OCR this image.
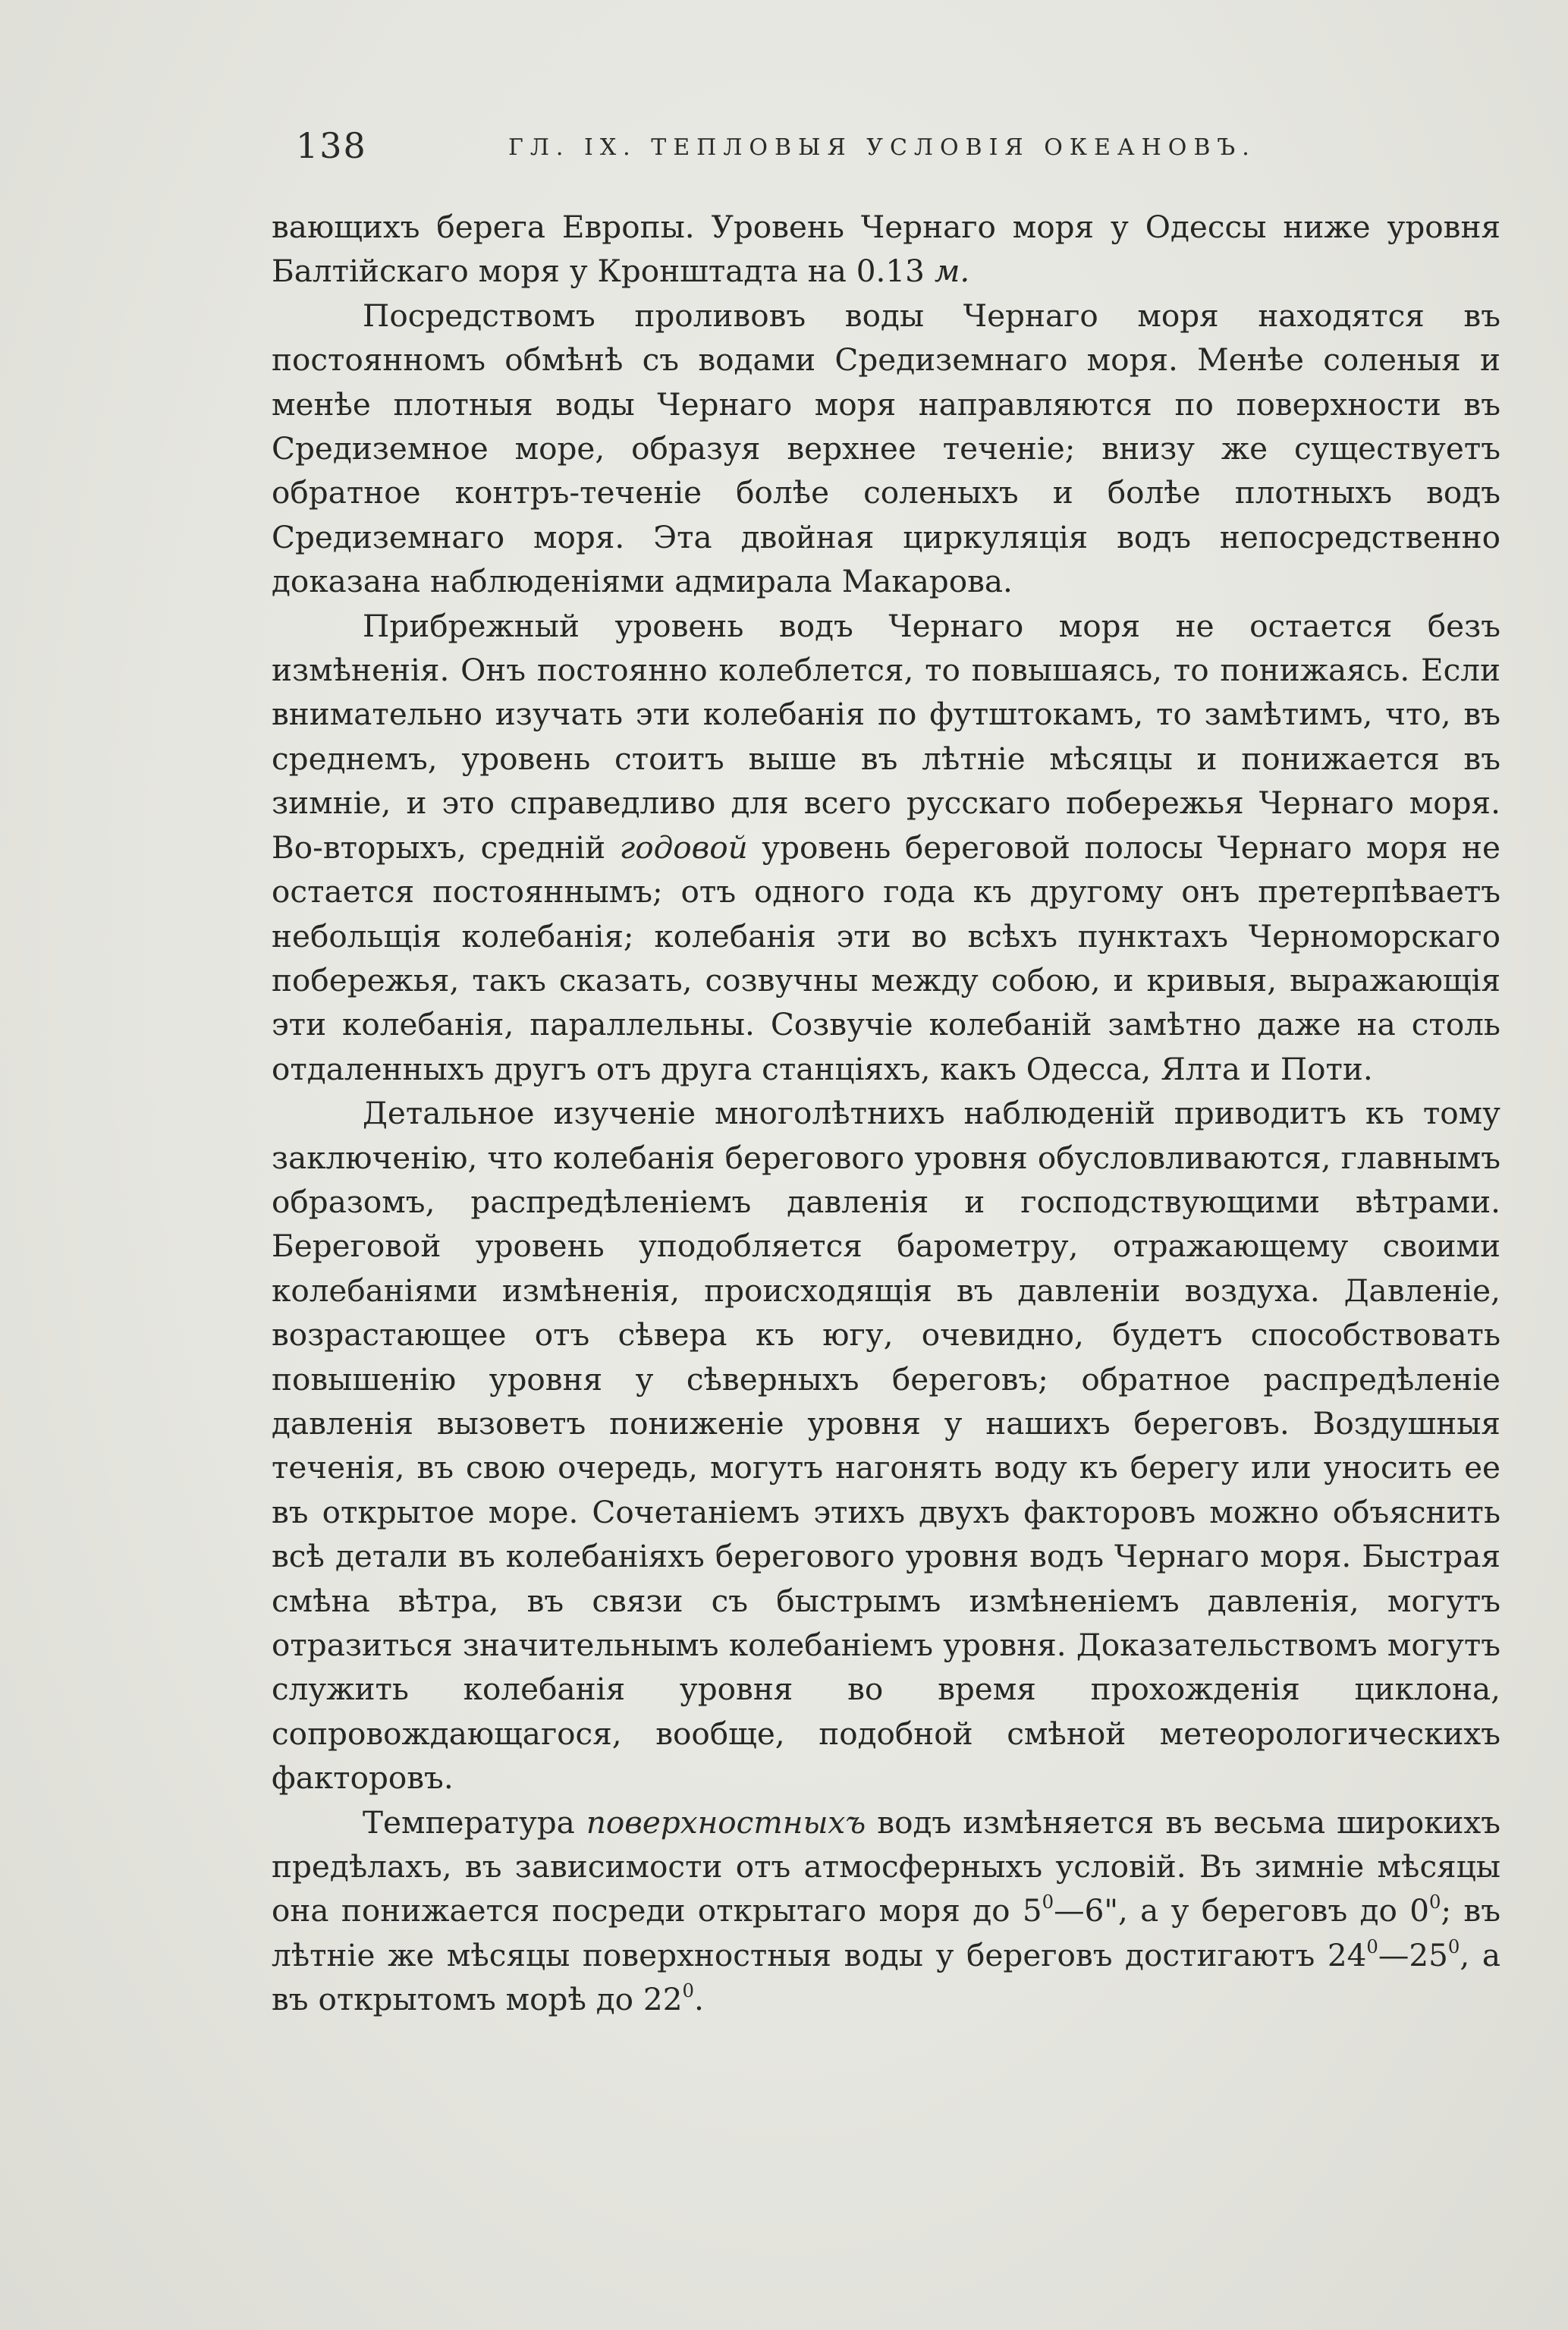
138	ГЛ. IX. ТЕПЛОВЫЯ УСЛОВІЯ ОКЕАНОВЪ.

вающихъ берега Европы. Уровень Чернаго моря у Одессы ниже уровня Балтійскаго моря у Кронштадта на 0.13 м.

Посредствомъ проливовъ воды Чернаго моря находятся въ постоянномъ обмѣнѣ съ водами Средиземнаго моря. Менѣе соленыя и менѣе плотныя воды Чернаго моря направляются по поверхности въ Средиземное море, образуя верхнее теченіе; внизу же существуетъ обратное контръ-теченіе болѣе соленыхъ и болѣе плотныхъ водъ Средиземнаго моря. Эта двойная циркуляція водъ непосредственно доказана наблюденіями адмирала Макарова.

Прибрежный уровень водъ Чернаго моря не остается безъ измѣненія. Онъ постоянно колеблется, то повышаясь, то понижаясь. Если внимательно изучать эти колебанія по футштокамъ, то замѣтимъ, что, въ среднемъ, уровень стоитъ выше въ лѣтніе мѣсяцы и понижается въ зимніе, и это справедливо для всего русскаго побережья Чернаго моря. Во-вторыхъ, средній годовой уровень береговой полосы Чернаго моря не остается постояннымъ; отъ одного года къ другому онъ претерпѣваетъ небольщія колебанія; колебанія эти во всѣхъ пунктахъ Черноморскаго побережья, такъ сказать, созвучны между собою, и кривыя, выражающія эти колебанія, параллельны. Созвучіе колебаній замѣтно даже на столь отдаленныхъ другъ отъ друга станціяхъ, какъ Одесса, Ялта и Поти.

Детальное изученіе многолѣтнихъ наблюденій приводитъ къ тому заключенію, что колебанія берегового уровня обусловливаются, главнымъ образомъ, распредѣленіемъ давленія и господствующими вѣтрами. Береговой уровень уподобляется барометру, отражающему своими колебаніями измѣненія, происходящія въ давленіи воздуха. Давленіе, возрастающее отъ сѣвера къ югу, очевидно, будетъ способствовать повышенію уровня у сѣверныхъ береговъ; обратное распредѣленіе давленія вызоветъ пониженіе уровня у нашихъ береговъ. Воздушныя теченія, въ свою очередь, могутъ нагонять воду къ берегу или уносить ее въ открытое море. Сочетаніемъ этихъ двухъ факторовъ можно объяснить всѣ детали въ колебаніяхъ берегового уровня водъ Чернаго моря. Быстрая смѣна вѣтра, въ связи съ быстрымъ измѣненіемъ давленія, могутъ отразиться значительнымъ колебаніемъ уровня. Доказательствомъ могутъ служить колебанія уровня во время прохожденія циклона, сопровождающагося, вообще, подобной смѣной метеорологическихъ факторовъ.

Температура поверхностныхъ водъ измѣняется въ весьма широкихъ предѣлахъ, въ зависимости отъ атмосферныхъ условій. Въ зимніе мѣсяцы она понижается посреди открытаго моря до $5^0—6$", а у береговъ до $0^0$; въ лѣтніе же мѣсяцы поверхностныя воды у береговъ достигаютъ $24^0—25^0$, а въ открытомъ морѣ до $22^0$.
